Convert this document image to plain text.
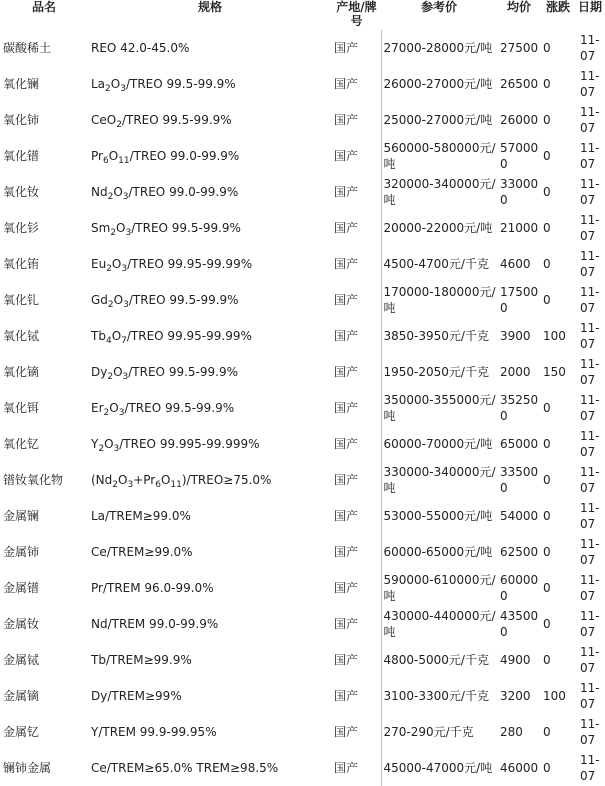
品名	规格	产地/牌号	参考价	均价	涨跌	日期
碳酸稀土	REO 42.0-45.0%	国产	27000-28000元/吨	27500	0	11-07
氧化镧	$La_2O_3$/TREO 99.5-99.9%	国产	26000-27000元/吨	26500	0	11-07
氧化铈	CeO$_2$/TREO 99.5-99.9%	国产	25000-27000元/吨	26000	0	11-07
氧化镨	$Pr_6O_{11}$/TREO 99.0-99.9%	国产	560000-580000元/吨	570000	0	11-07
氧化钕	$Nd_2O_3$/TREO 99.0-99.9%	国产	320000-340000元/吨	330000	0	11-07
氧化钐	$Sm_2O_3$/TREO 99.5-99.9%	国产	20000-22000元/吨	21000	0	11-07
氧化铕	$Eu_2O_3$/TREO 99.95-99.99%	国产	4500-4700元/千克	4600	0	11-07
氧化钆	$Gd_2O_3$/TREO 99.5-99.9%	国产	170000-180000元/吨	175000	0	11-07
氧化铽	$Tb_4O_7$/TREO 99.95-99.99%	国产	3850-3950元/千克	3900	100	11-07
氧化镝	$Dy_2O_3$/TREO 99.5-99.9%	国产	1950-2050元/千克	2000	150	11-07
氧化铒	$Er_2O_3$/TREO 99.5-99.9%	国产	350000-355000元/吨	352500	0	11-07
氧化钇	$Y_2O_3$/TREO 99.995-99.999%	国产	60000-70000元/吨	65000	0	11-07
镨钕氧化物	$(Nd_2O_3+Pr_6O_{11})/TREO\ge 75.0\%$	国产	330000-340000元/吨	335000	0	11-07
金属镧	La/TREM≥99.0%	国产	53000-55000元/吨	54000	0	11-07
金属铈	Ce/TREM≥99.0%	国产	60000-65000元/吨	62500	0	11-07
金属镨	Pr/TREM 96.0-99.0%	国产	590000-610000元/吨	600000	0	11-07
金属钕	Nd/TREM 99.0-99.9%	国产	430000-440000元/吨	435000	0	11-07
金属铽	Tb/TREM≥99.9%	国产	4800-5000元/千克	4900	0	11-07
金属镝	Dy/TREM≥99%	国产	3100-3300元/千克	3200	100	11-07
金属钇	Y/TREM 99.9-99.95%	国产	270-290元/千克	280	0	11-07
镧铈金属	Ce/TREM≥65.0% TREM≥98.5%	国产	45000-47000元/吨	46000	0	11-07
